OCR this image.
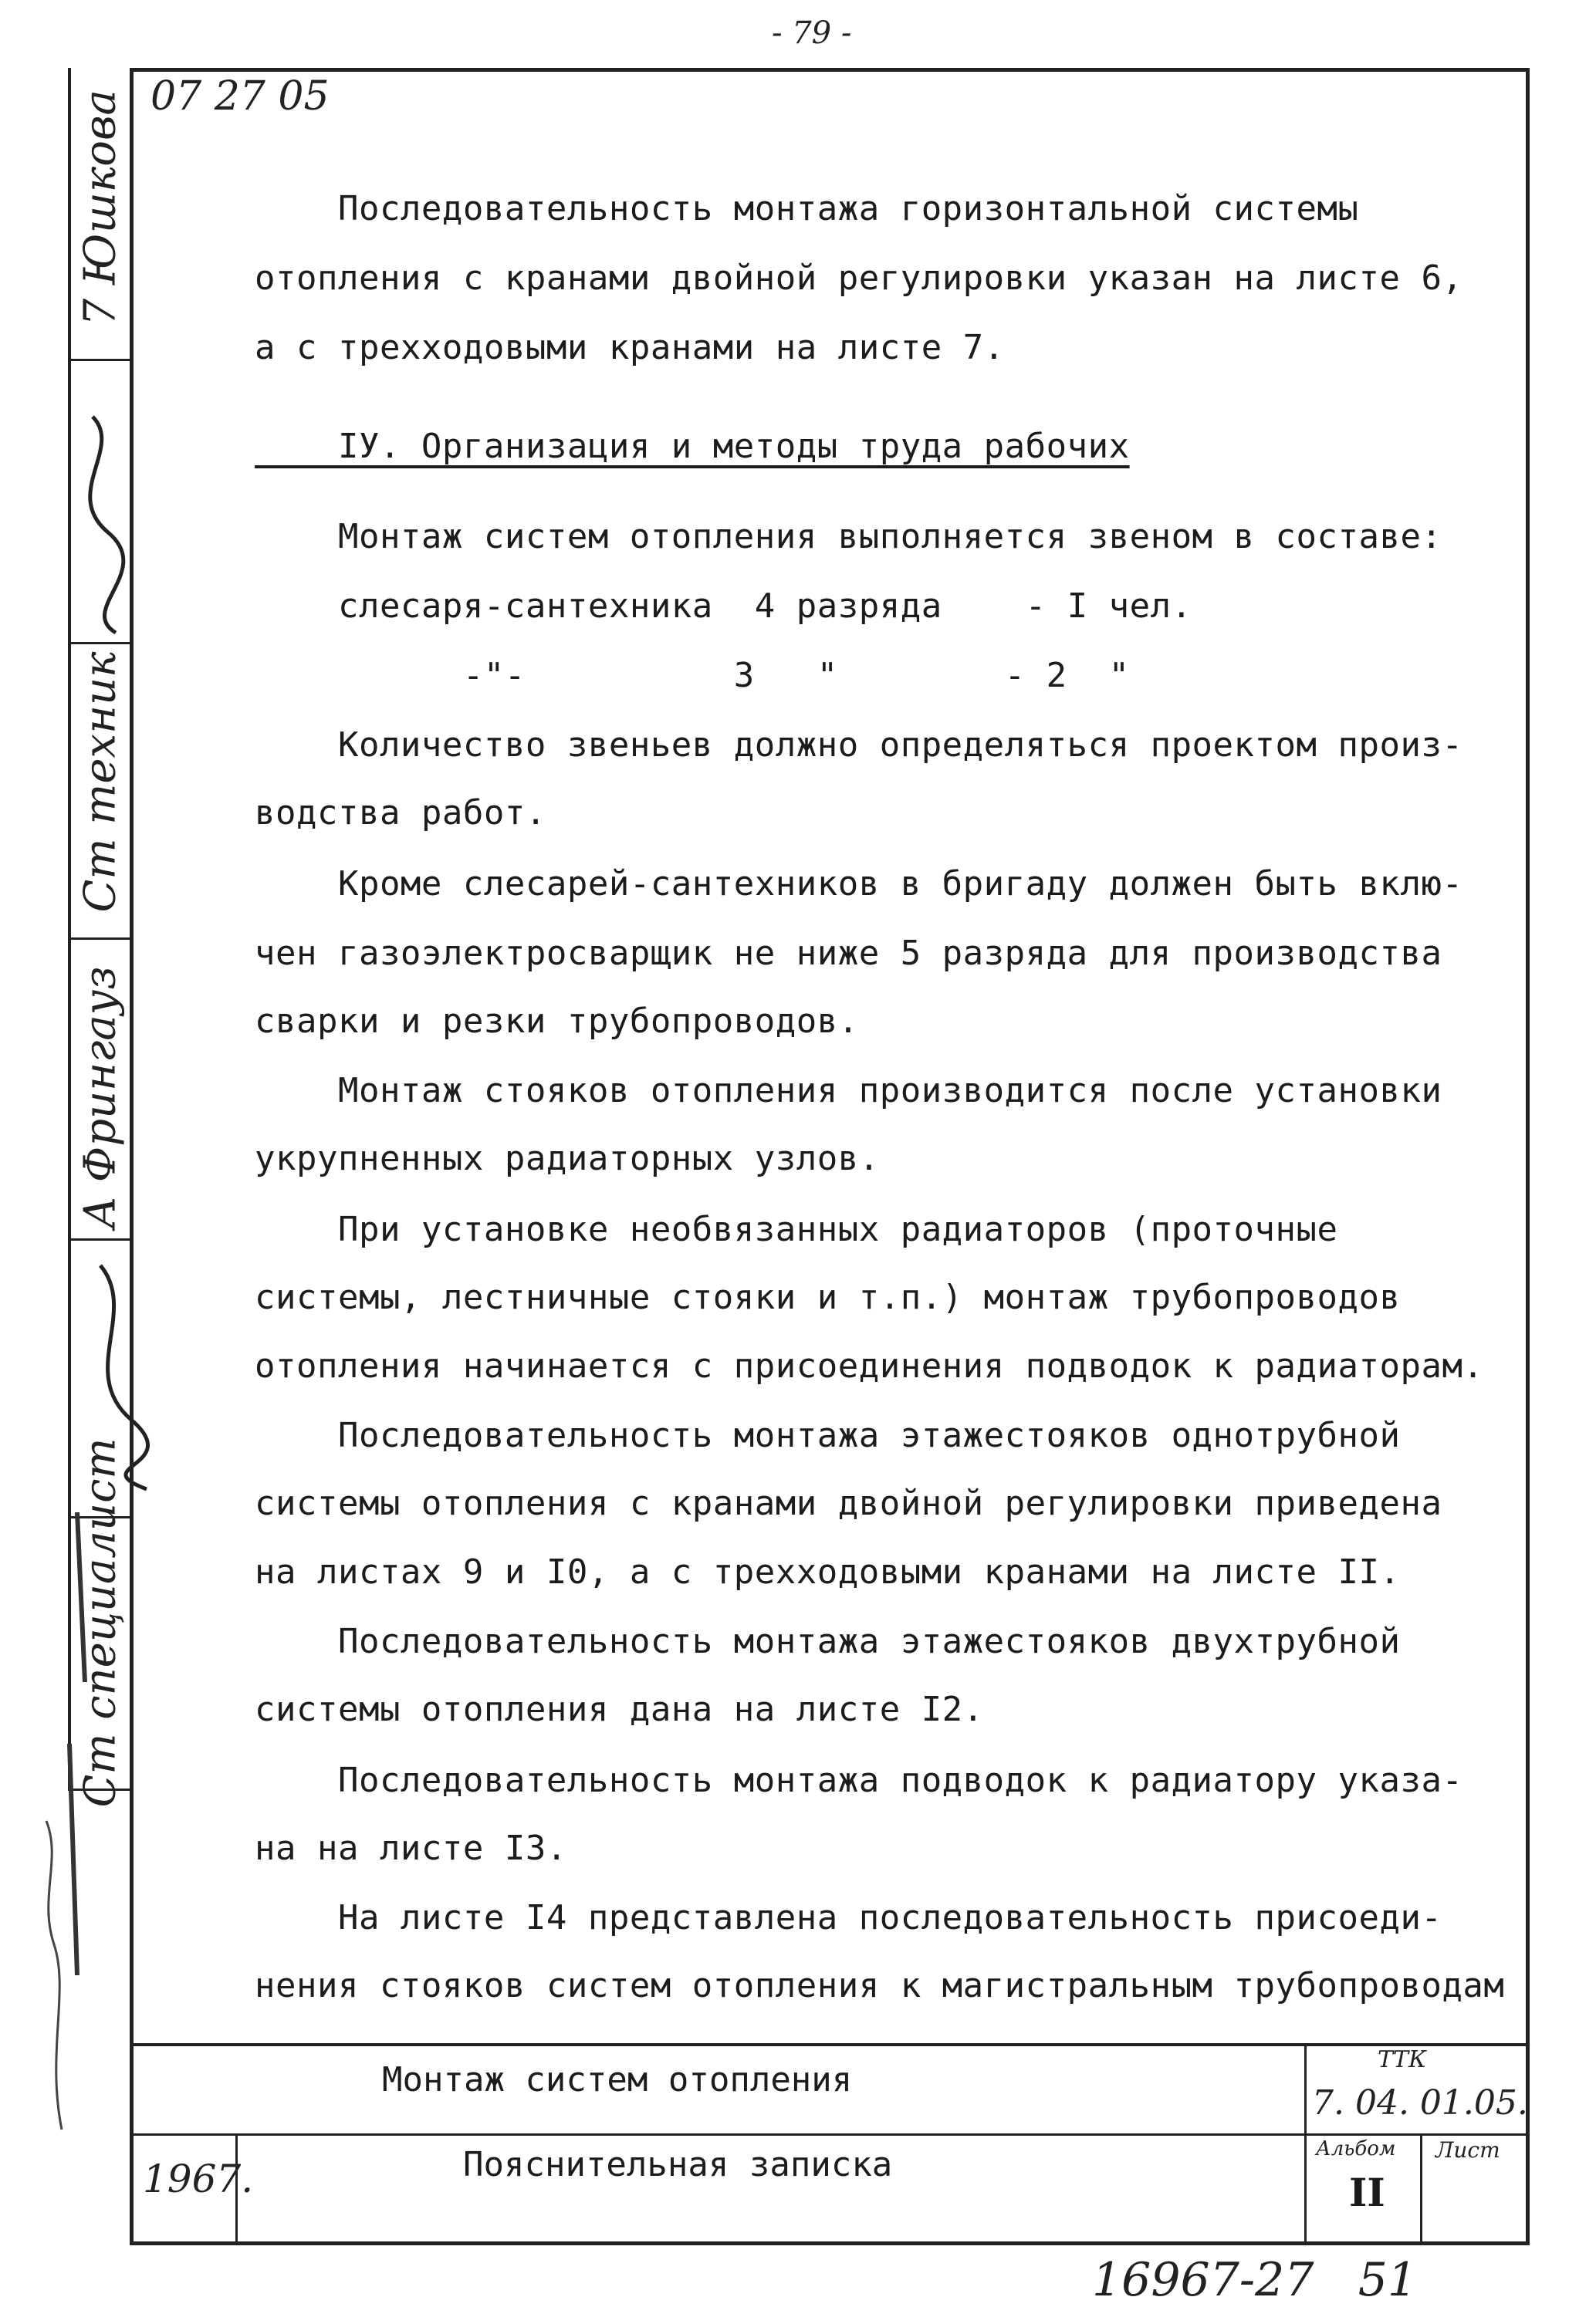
- 79 -
7 Юшкова
Ст техник
А Фрингауз
Ст специалист
07 27 05
Последовательность монтажа горизонтальной системы
отопления с кранами двойной регулировки указан на листе 6,
а с трехходовыми кранами на листе 7.
IУ. Организация и методы труда рабочих
Монтаж систем отопления выполняется звеном в составе:
слесаря-сантехника  4 разряда    - I чел.
-"-          3   "        - 2  "
Количество звеньев должно определяться проектом произ-
водства работ.
Кроме слесарей-сантехников в бригаду должен быть вклю-
чен газоэлектросварщик не ниже 5 разряда для производства
сварки и резки трубопроводов.
Монтаж стояков отопления производится после установки
укрупненных радиаторных узлов.
При установке необвязанных радиаторов (проточные
системы, лестничные стояки и т.п.) монтаж трубопроводов
отопления начинается с присоединения подводок к радиаторам.
Последовательность монтажа этажестояков однотрубной
системы отопления с кранами двойной регулировки приведена
на листах 9 и I0, а с трехходовыми кранами на листе II.
Последовательность монтажа этажестояков двухтрубной
системы отопления дана на листе I2.
Последовательность монтажа подводок к радиатору указа-
на на листе I3.
На листе I4 представлена последовательность присоеди-
нения стояков систем отопления к магистральным трубопроводам
Монтаж систем отопления
Пояснительная записка
1967.
ТТК
7. 04. 01.05.
Альбом
II
Лист
16967-27   51
